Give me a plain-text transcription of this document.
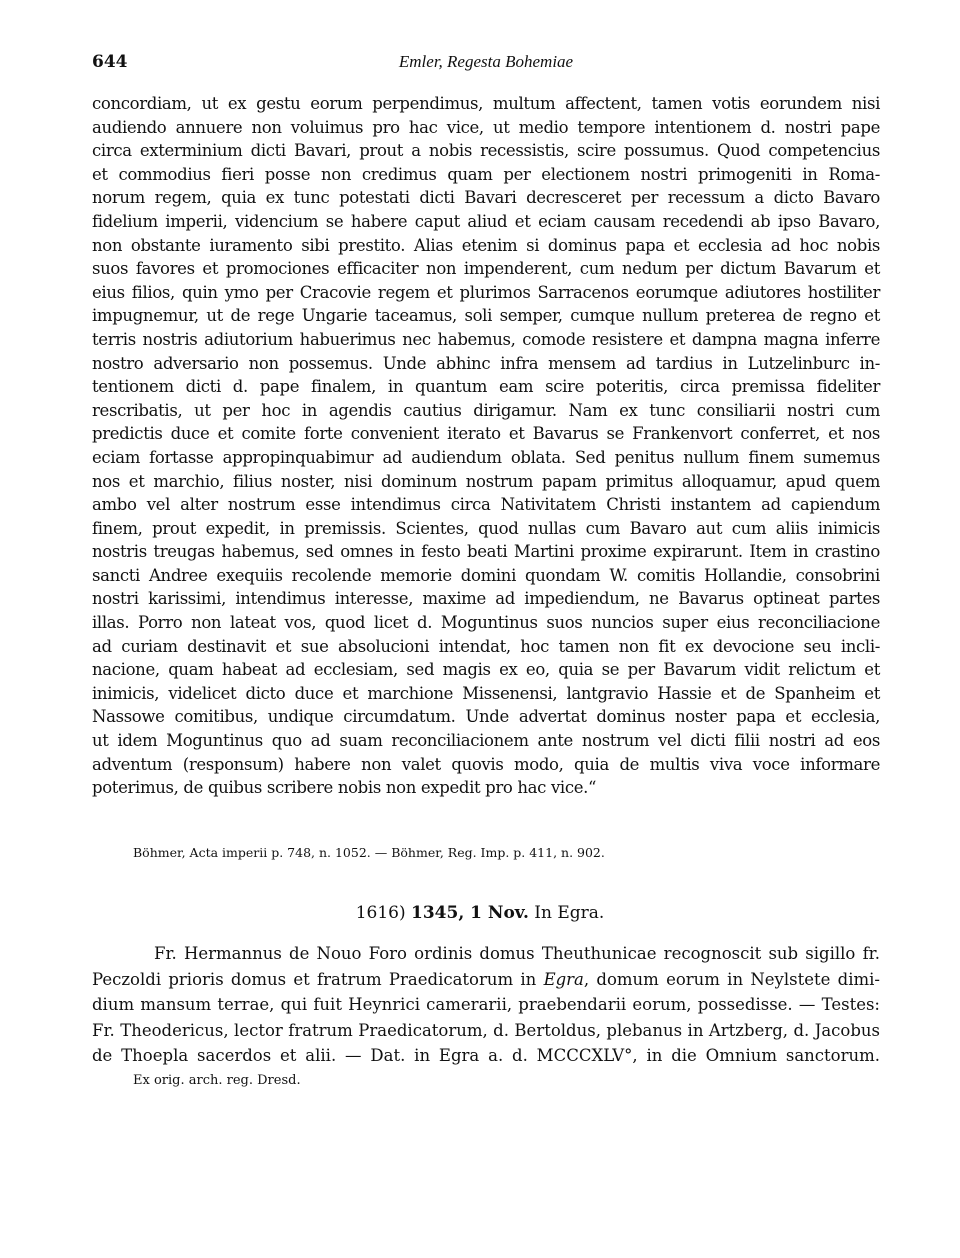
644	Emler, Regesta Bohemiae
concordiam, ut ex gestu eorum perpendimus, multum affectent, tamen votis eorundem nisi
audiendo annuere non voluimus pro hac vice, ut medio tempore intentionem d. nostri pape
circa exterminium dicti Bavari, prout a nobis recessistis, scire possumus. Quod competencius
et commodius fieri posse non credimus quam per electionem nostri primogeniti in Roma-
norum regem, quia ex tunc potestati dicti Bavari decresceret per recessum a dicto Bavaro
fidelium imperii, videncium se habere caput aliud et eciam causam recedendi ab ipso Bavaro,
non obstante iuramento sibi prestito. Alias etenim si dominus papa et ecclesia ad hoc nobis
suos favores et promociones efficaciter non impenderent, cum nedum per dictum Bavarum et
eius filios, quin ymo per Cracovie regem et plurimos Sarracenos eorumque adiutores hostiliter
impugnemur, ut de rege Ungarie taceamus, soli semper, cumque nullum preterea de regno et
terris nostris adiutorium habuerimus nec habemus, comode resistere et dampna magna inferre
nostro adversario non possemus. Unde abhinc infra mensem ad tardius in Lutzelinburc in-
tentionem dicti d. pape finalem, in quantum eam scire poteritis, circa premissa fideliter
rescribatis, ut per hoc in agendis cautius dirigamur. Nam ex tunc consiliarii nostri cum
predictis duce et comite forte convenient iterato et Bavarus se Frankenvort conferret, et nos
eciam fortasse appropinquabimur ad audiendum oblata. Sed penitus nullum finem sumemus
nos et marchio, filius noster, nisi dominum nostrum papam primitus alloquamur, apud quem
ambo vel alter nostrum esse intendimus circa Nativitatem Christi instantem ad capiendum
finem, prout expedit, in premissis. Scientes, quod nullas cum Bavaro aut cum aliis inimicis
nostris treugas habemus, sed omnes in festo beati Martini proxime expirarunt. Item in crastino
sancti Andree exequiis recolende memorie domini quondam W. comitis Hollandie, consobrini
nostri karissimi, intendimus interesse, maxime ad impediendum, ne Bavarus optineat partes
illas. Porro non lateat vos, quod licet d. Moguntinus suos nuncios super eius reconciliacione
ad curiam destinavit et sue absolucioni intendat, hoc tamen non fit ex devocione seu incli-
nacione, quam habeat ad ecclesiam, sed magis ex eo, quia se per Bavarum vidit relictum et
inimicis, videlicet dicto duce et marchione Missenensi, lantgravio Hassie et de Spanheim et
Nassowe comitibus, undique circumdatum. Unde advertat dominus noster papa et ecclesia,
ut idem Moguntinus quo ad suam reconciliacionem ante nostrum vel dicti filii nostri ad eos
adventum (responsum) habere non valet quovis modo, quia de multis viva voce informare
poterimus, de quibus scribere nobis non expedit pro hac vice.“
Böhmer, Acta imperii p. 748, n. 1052. — Böhmer, Reg. Imp. p. 411, n. 902.
1616) 1345, 1 Nov. In Egra.
Fr. Hermannus de Nouo Foro ordinis domus Theuthunicae recognoscit sub sigillo fr.
Peczoldi prioris domus et fratrum Praedicatorum in Egra, domum eorum in Neylstete dimi-
dium mansum terrae, qui fuit Heynrici camerarii, praebendarii eorum, possedisse. — Testes:
Fr. Theodericus, lector fratrum Praedicatorum, d. Bertoldus, plebanus in Artzberg, d. Jacobus
de Thoepla sacerdos et alii. — Dat. in Egra a. d. MCCCXLV°, in die Omnium sanctorum.
Ex orig. arch. reg. Dresd.
